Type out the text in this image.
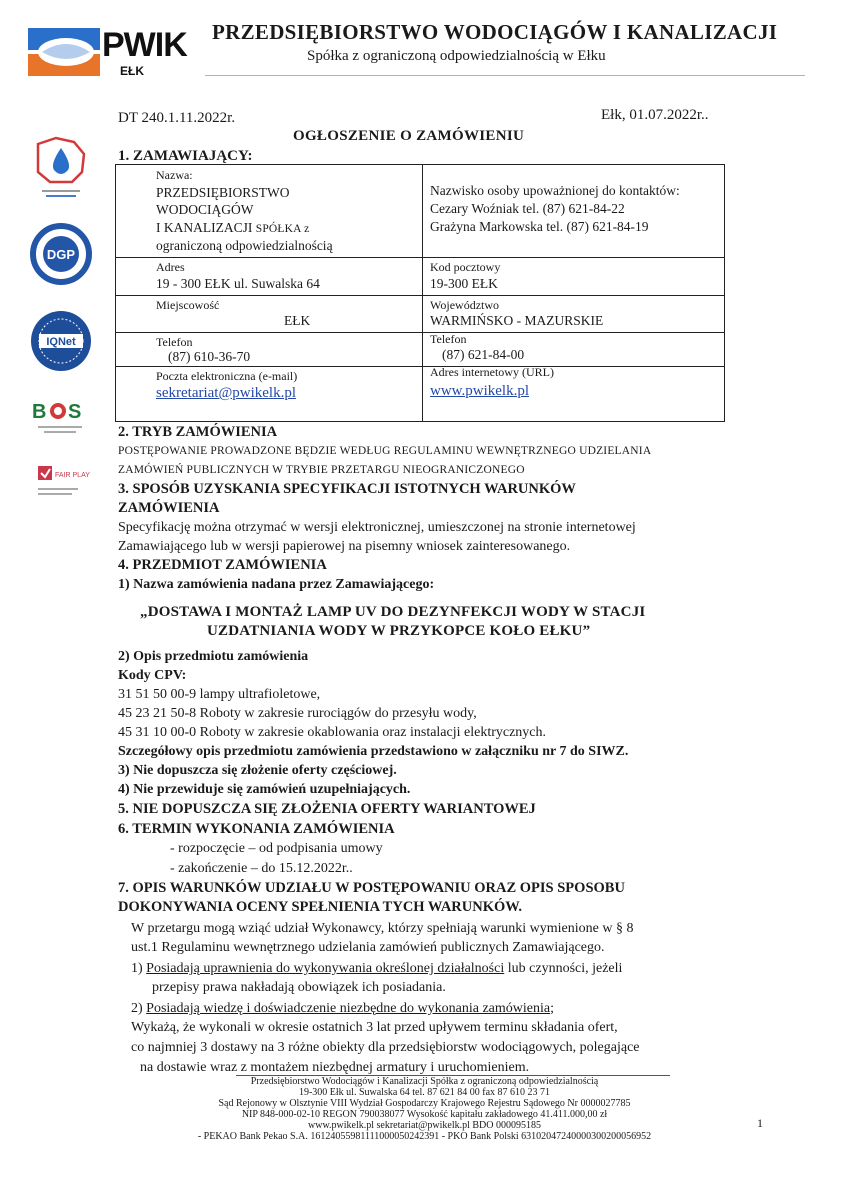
PWIK
EŁK
PRZEDSIĘBIORSTWO WODOCIĄGÓW I KANALIZACJI
Spółka z ograniczoną odpowiedzialnością w Ełku
DGP
IQNet
B S
FAIR PLAY
DT 240.1.11.2022r.	Ełk, 01.07.2022r..
OGŁOSZENIE O ZAMÓWIENIU
1. ZAMAWIAJĄCY:
Nazwa:
PRZEDSIĘBIORSTWO
WODOCIĄGÓW
I KANALIZACJI SPÓŁKA z
ograniczoną odpowiedzialnością
Nazwisko osoby upoważnionej do kontaktów:
Cezary Woźniak tel. (87) 621-84-22
Grażyna Markowska tel. (87) 621-84-19
Adres
19 - 300 EŁK ul. Suwalska 64
Kod pocztowy
19-300 EŁK
Miejscowość
EŁK
Województwo
WARMIŃSKO - MAZURSKIE
Telefon
(87) 610-36-70
Telefon
(87) 621-84-00
Poczta elektroniczna (e-mail)
sekretariat@pwikelk.pl
Adres internetowy (URL)
www.pwikelk.pl
2. TRYB ZAMÓWIENIA
POSTĘPOWANIE PROWADZONE BĘDZIE WEDŁUG REGULAMINU WEWNĘTRZNEGO UDZIELANIA
ZAMÓWIEŃ PUBLICZNYCH W TRYBIE PRZETARGU NIEOGRANICZONEGO
3. SPOSÓB UZYSKANIA SPECYFIKACJI ISTOTNYCH WARUNKÓW
ZAMÓWIENIA
Specyfikację można otrzymać w wersji elektronicznej, umieszczonej na stronie internetowej
Zamawiającego lub w wersji papierowej na pisemny wniosek zainteresowanego.
4. PRZEDMIOT ZAMÓWIENIA
1) Nazwa zamówienia nadana przez Zamawiającego:
„DOSTAWA I MONTAŻ LAMP UV DO DEZYNFEKCJI WODY W STACJI
UZDATNIANIA WODY W PRZYKOPCE KOŁO EŁKU”
2) Opis przedmiotu zamówienia
Kody CPV:
31 51 50 00-9 lampy ultrafioletowe,
45 23 21 50-8 Roboty w zakresie rurociągów do przesyłu wody,
45 31 10 00-0 Roboty w zakresie okablowania oraz instalacji elektrycznych.
Szczegółowy opis przedmiotu zamówienia przedstawiono w załączniku nr 7 do SIWZ.
3) Nie dopuszcza się złożenie oferty częściowej.
4) Nie przewiduje się zamówień uzupełniających.
5. NIE DOPUSZCZA SIĘ ZŁOŻENIA OFERTY WARIANTOWEJ
6. TERMIN WYKONANIA ZAMÓWIENIA
- rozpoczęcie – od podpisania umowy
- zakończenie – do 15.12.2022r..
7. OPIS WARUNKÓW UDZIAŁU W POSTĘPOWANIU ORAZ OPIS SPOSOBU
DOKONYWANIA OCENY SPEŁNIENIA TYCH WARUNKÓW.
W przetargu mogą wziąć udział Wykonawcy, którzy spełniają warunki wymienione w § 8
ust.1 Regulaminu wewnętrznego udzielania zamówień publicznych Zamawiającego.
1) Posiadają uprawnienia do wykonywania określonej działalności lub czynności, jeżeli
przepisy prawa nakładają obowiązek ich posiadania.
2) Posiadają wiedzę i doświadczenie niezbędne do wykonania zamówienia;
Wykażą, że wykonali w okresie ostatnich 3 lat przed upływem terminu składania ofert,
co najmniej 3 dostawy na 3 różne obiekty dla przedsiębiorstw wodociągowych, polegające
na dostawie wraz z montażem niezbędnej armatury i uruchomieniem.
Przedsiębiorstwo Wodociągów i Kanalizacji Spółka z ograniczoną odpowiedzialnością
19-300 Ełk ul. Suwalska 64 tel. 87 621 84 00 fax 87 610 23 71
Sąd Rejonowy w Olsztynie VIII Wydział Gospodarczy Krajowego Rejestru Sądowego Nr 0000027785
NIP 848-000-02-10 REGON 790038077 Wysokość kapitału zakładowego 41.411.000,00 zł
www.pwikelk.pl sekretariat@pwikelk.pl BDO 000095185
- PEKAO Bank Pekao S.A. 16124055981111000050242391 - PKO Bank Polski 63102047240000300200056952
1
